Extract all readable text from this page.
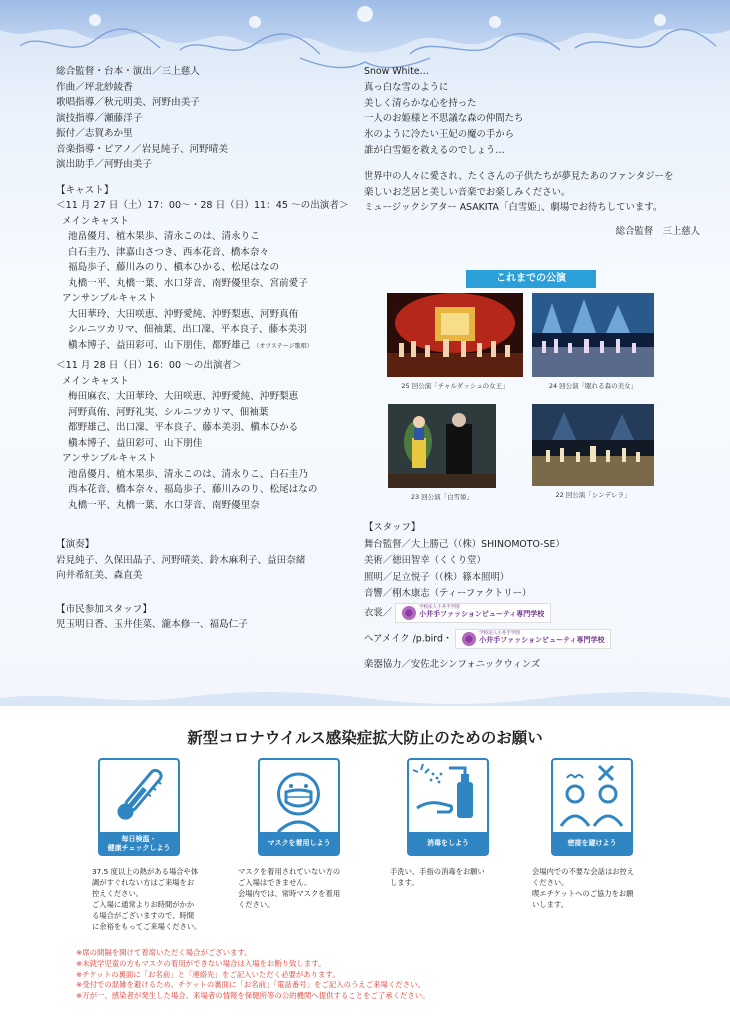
総合監督・台本・演出／三上慈人
作曲／坪北紗綾香
歌唱指導／秋元明美、河野由美子
演技指導／瀬藤洋子
振付／志賀あか里
音楽指導・ピアノ／岩見純子、河野晴美
演出助手／河野由美子
【キャスト】
＜11 月 27 日（土）17：00～・28 日（日）11：45 ～の出演者＞
メインキャスト
池畠優月、植木果歩、清永このは、清永りこ
白石圭乃、津嘉山さつき、西本花音、橋本奈々
福島歩子、藤川みのり、槇本ひかる、松尾はなの
丸橋一平、丸橋一葉、水口芽音、南野優里奈、宮前愛子
アンサンブルキャスト
大田華玲、大田咲恵、沖野愛純、沖野梨恵、河野真侑
シルニツカリマ、佃袖葉、出口凜、平本良子、藤本美羽
槇本博子、益田彩可、山下朋佳、都野雄己 （オフステージ歌唱）
＜11 月 28 日（日）16：00 ～の出演者＞
メインキャスト
梅田麻衣、大田華玲、大田咲恵、沖野愛純、沖野梨恵
河野真侑、河野礼実、シルニツカリマ、佃袖葉
都野雄己、出口凜、平本良子、藤本美羽、槇本ひかる
槇本博子、益田彩可、山下朋佳
アンサンブルキャスト
池畠優月、植木果歩、清永このは、清永りこ、白石圭乃
西本花音、橋本奈々、福島歩子、藤川みのり、松尾はなの
丸橋一平、丸橋一葉、水口芽音、南野優里奈
【演奏】
岩見純子、久保田晶子、河野晴美、鈴木麻利子、益田奈緒
向井希紅美、森直美
【市民参加スタッフ】
児玉明日香、玉井佳菜、瀧本修一、福島仁子
Snow White…
真っ白な雪のように
美しく清らかな心を持った
一人のお姫様と不思議な森の仲間たち
氷のように冷たい王妃の魔の手から
誰が白雪姫を救えるのでしょう…
世界中の人々に愛され、たくさんの子供たちが夢見たあのファンタジーを
楽しいお芝居と美しい音楽でお楽しみください。
ミュージックシアター ASAKITA「白雪姫」、劇場でお待ちしています。
総合監督　三上慈人
これまでの公演
25 回公演「チャルダッシュの女王」	24 回公演「眠れる森の美女」
23 回公演「白雪姫」	22 回公演「シンデレラ」
【スタッフ】
舞台監督／大上勝己（（株）SHINOMOTO-SE）
美術／徳田智幸（くくり堂）
照明／足立悦子（（株）篠本照明）
音響／栩木康志（ティーファクトリー）
衣裳／	学校法人小井手学園
小井手ファッションビューティ専門学校
ヘアメイク /p.bird・	学校法人小井手学園
小井手ファッションビューティ専門学校
楽器協力／安佐北シンフォニックウィンズ
新型コロナウイルス感染症拡大防止のためのお願い
毎日検温・
健康チェックしよう
マスクを着用しよう	消毒をしよう	密接を避けよう
37.5 度以上の熱がある場合や体
調がすぐれない方はご来場をお
控えください。
ご入場に通常よりお時間がかか
る場合がございますので、時間
に余裕をもってご来場ください。
マスクを着用されていない方の
ご入場はできません。
会場内では、常時マスクを着用
ください。
手洗い、手指の消毒をお願い
します。
会場内での不要な会話はお控え
ください。
喫エチケットへのご協力をお願
いします。
※席の間隔を開けて着席いただく場合がございます。
※未就学児童の方もマスクの着用ができない場合は入場をお断り致します。
※チケットの裏面に「お名前」と「連絡先」をご記入いただく必要があります。
※受付での混雑を避けるため、チケットの裏面に「お名前」「電話番号」をご記入のうえご来場ください。
※万が一、感染者が発生した場合、来場者の情報を保健所等の公的機関へ提供することをご了承ください。
